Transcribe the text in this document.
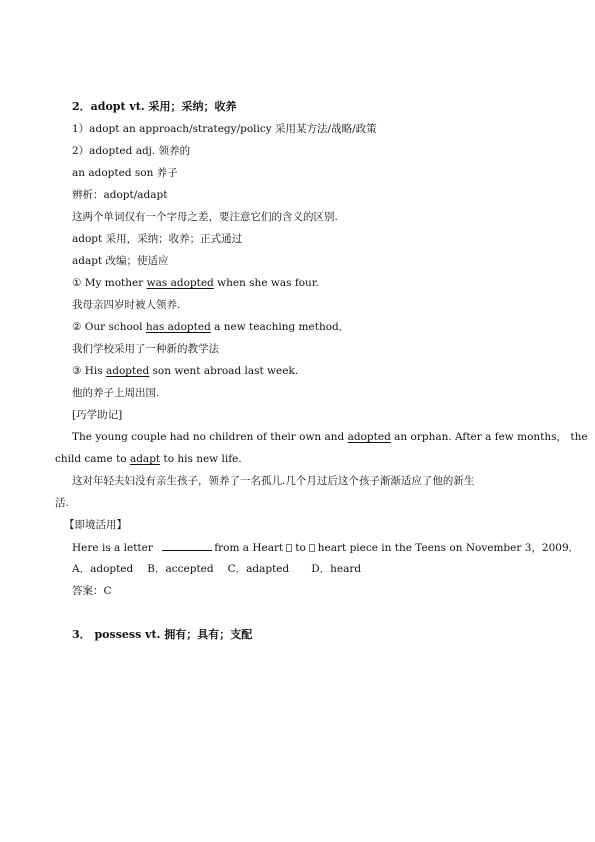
2．adopt vt. 采用；采纳；收养
1）adopt an approach/strategy/policy 采用某方法/战略/政策
2）adopted adj. 领养的
an adopted son 养子
辨析：adopt/adapt
这两个单词仅有一个字母之差，要注意它们的含义的区别.
adopt 采用，采纳；收养；正式通过
adapt 改编；使适应
① My mother was adopted when she was four.
我母亲四岁时被人领养.
② Our school has adopted a new teaching method．
我们学校采用了一种新的教学法
③ His adopted son went abroad last week.
他的养子上周出国.
[巧学助记]
The young couple had no children of their own and adopted an orphan. After a few months， the
child came to adapt to his new life.
这对年轻夫妇没有亲生孩子，领养了一名孤儿.几个月过后这个孩子渐渐适应了他的新生
活.
【即境活用】
Here is a letter	from a Heart to heart piece in the Teens on November 3，2009．
A．adopted B．accepted C．adapted D．heard
答案：C
3． possess vt. 拥有；具有；支配
